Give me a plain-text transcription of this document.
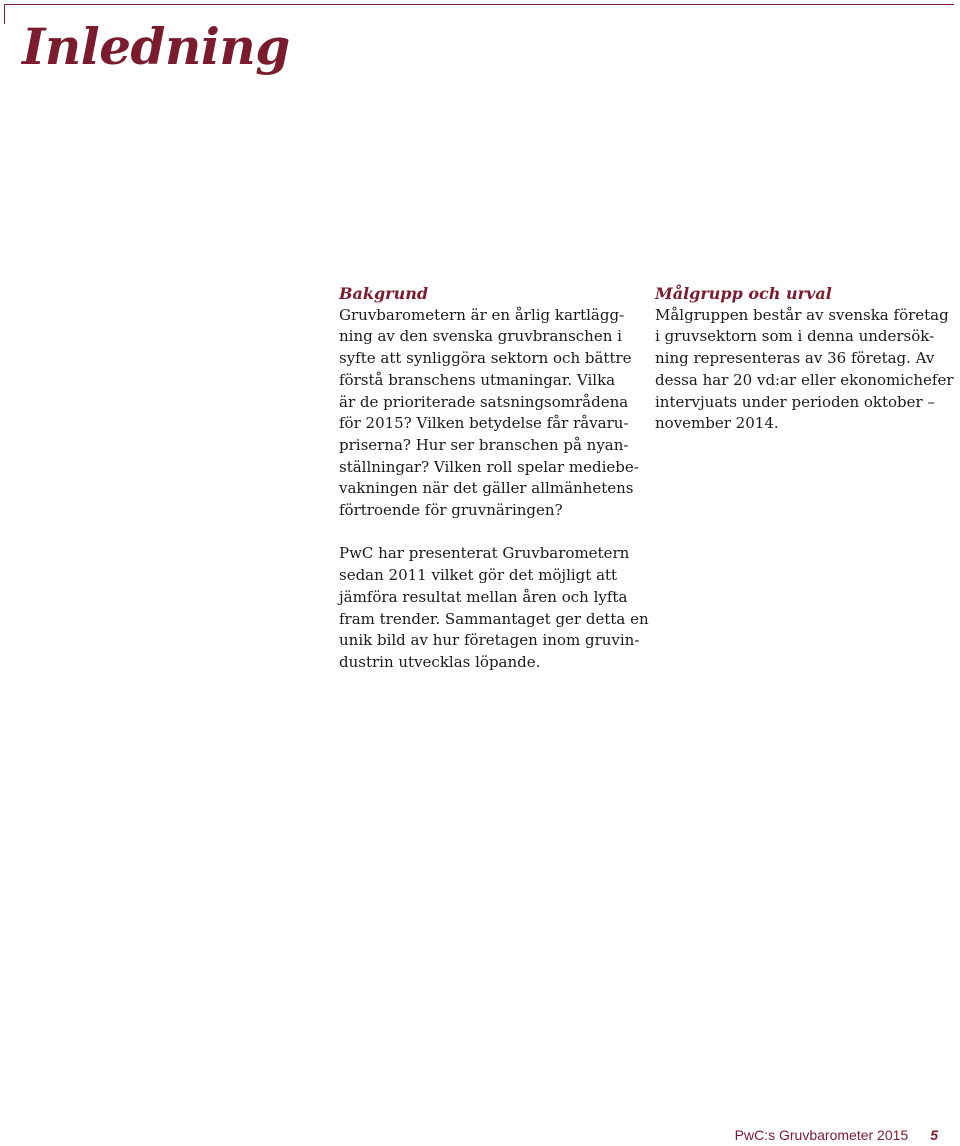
Inledning

Bakgrund

Gruvbarometern är en årlig kartlägg-
ning av den svenska gruvbranschen i
syfte att synliggöra sektorn och bättre
förstå branschens utmaningar. Vilka
är de prioriterade satsningsområdena
för 2015? Vilken betydelse får råvaru-
priserna? Hur ser branschen på nyan-
ställningar? Vilken roll spelar mediebe-
vakningen när det gäller allmänhetens
förtroende för gruvnäringen?

PwC har presenterat Gruvbarometern
sedan 2011 vilket gör det möjligt att
jämföra resultat mellan åren och lyfta
fram trender. Sammantaget ger detta en
unik bild av hur företagen inom gruvin-
dustrin utvecklas löpande.

Målgrupp och urval

Målgruppen består av svenska företag
i gruvsektorn som i denna undersök-
ning representeras av 36 företag. Av
dessa har 20 vd:ar eller ekonomichefer
intervjuats under perioden oktober –
november 2014.

PwC:s Gruvbarometer 2015 5
